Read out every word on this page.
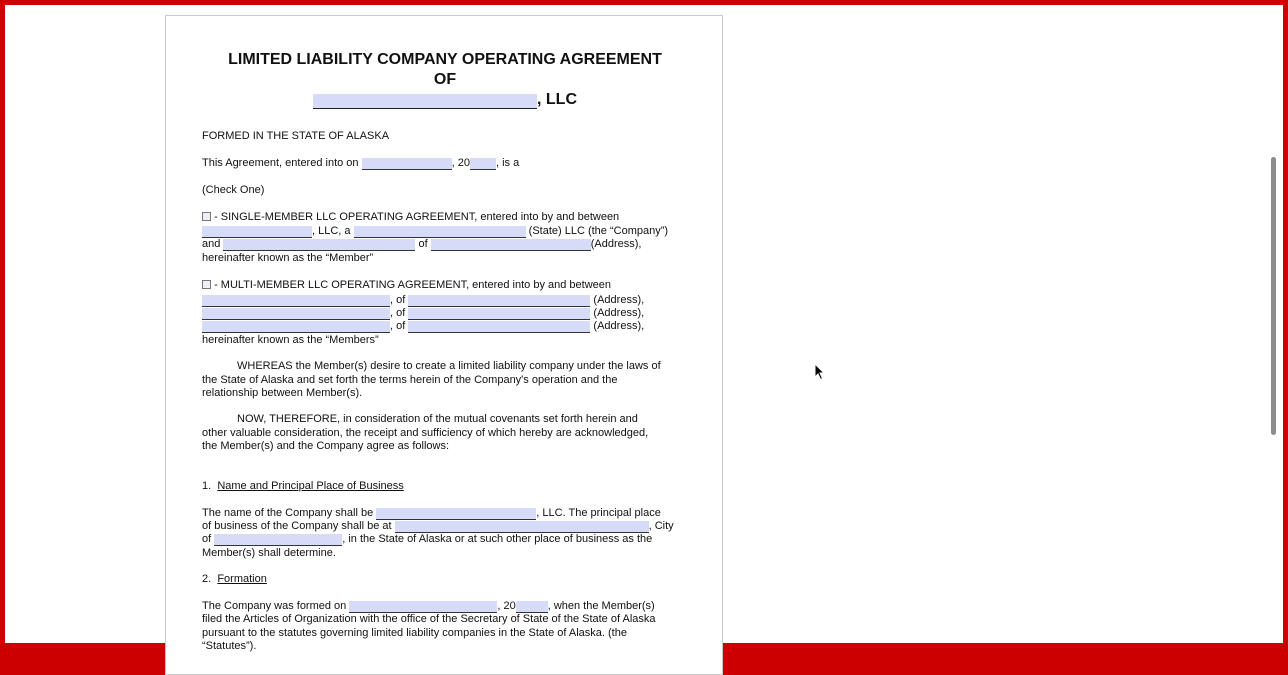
LIMITED LIABILITY COMPANY OPERATING AGREEMENT
OF
, LLC
FORMED IN THE STATE OF ALASKA
This Agreement, entered into on	, 20 , is a
(Check One)
- SINGLE-MEMBER LLC OPERATING AGREEMENT, entered into by and between
, LLC, a	(State) LLC (the “Company”)
and	of	(Address),
hereinafter known as the “Member”
- MULTI-MEMBER LLC OPERATING AGREEMENT, entered into by and between
, of	(Address),
, of	(Address),
, of	(Address),
hereinafter known as the “Members”
WHEREAS the Member(s) desire to create a limited liability company under the laws of
the State of Alaska and set forth the terms herein of the Company's operation and the
relationship between Member(s).
NOW, THEREFORE, in consideration of the mutual covenants set forth herein and
other valuable consideration, the receipt and sufficiency of which hereby are acknowledged,
the Member(s) and the Company agree as follows:
1. Name and Principal Place of Business
The name of the Company shall be	, LLC. The principal place
of business of the Company shall be at	, City
of	, in the State of Alaska or at such other place of business as the
Member(s) shall determine.
2. Formation
The Company was formed on	, 20	, when the Member(s)
filed the Articles of Organization with the office of the Secretary of State of the State of Alaska
pursuant to the statutes governing limited liability companies in the State of Alaska. (the
“Statutes”).
